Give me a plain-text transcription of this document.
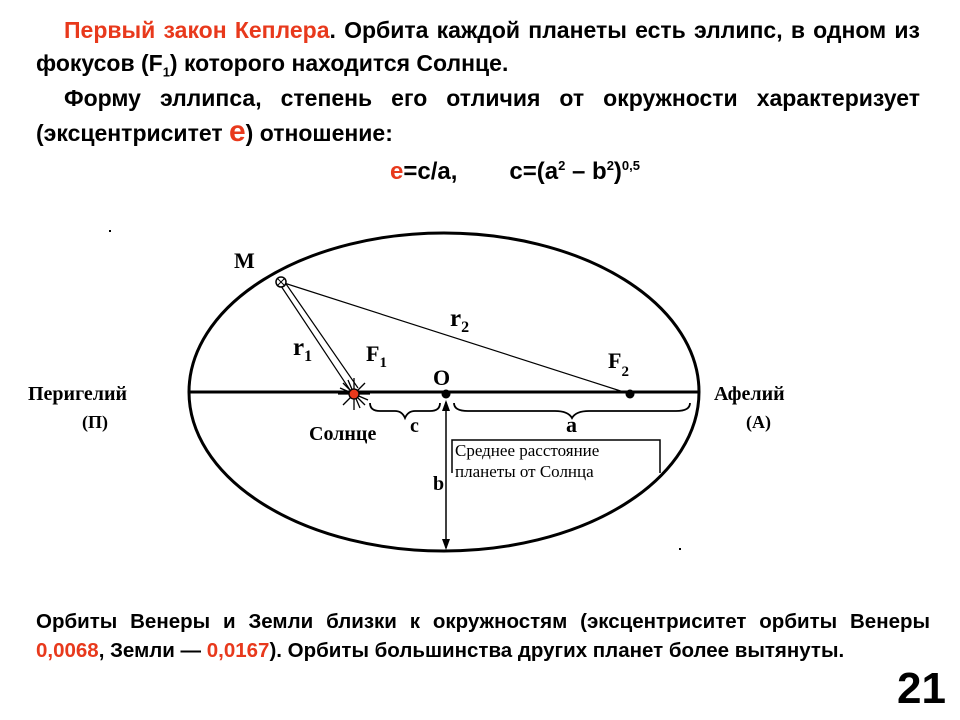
Первый закон Кеплера. Орбита каждой планеты есть эллипс, в одном из фокусов $(F_1)$ которого находится Солнце.

Форму эллипса, степень его отличия от окружности характеризует (эксцентриситет е) отношение:

е=с/а, $с=(а^2 - b^2)^{0,5}$
M
$r_1$
$r_2$
$F_1$	$F_2$
O
Перигелий
(П)
Афелий
(А)
Солнце c	a
b
Среднее расстояние
планеты от Солнца

Орбиты Венеры и Земли близки к окружностям (эксцентриситет орбиты Венеры 0,0068, Земли — 0,0167). Орбиты большинства других планет более вытянуты.

21
